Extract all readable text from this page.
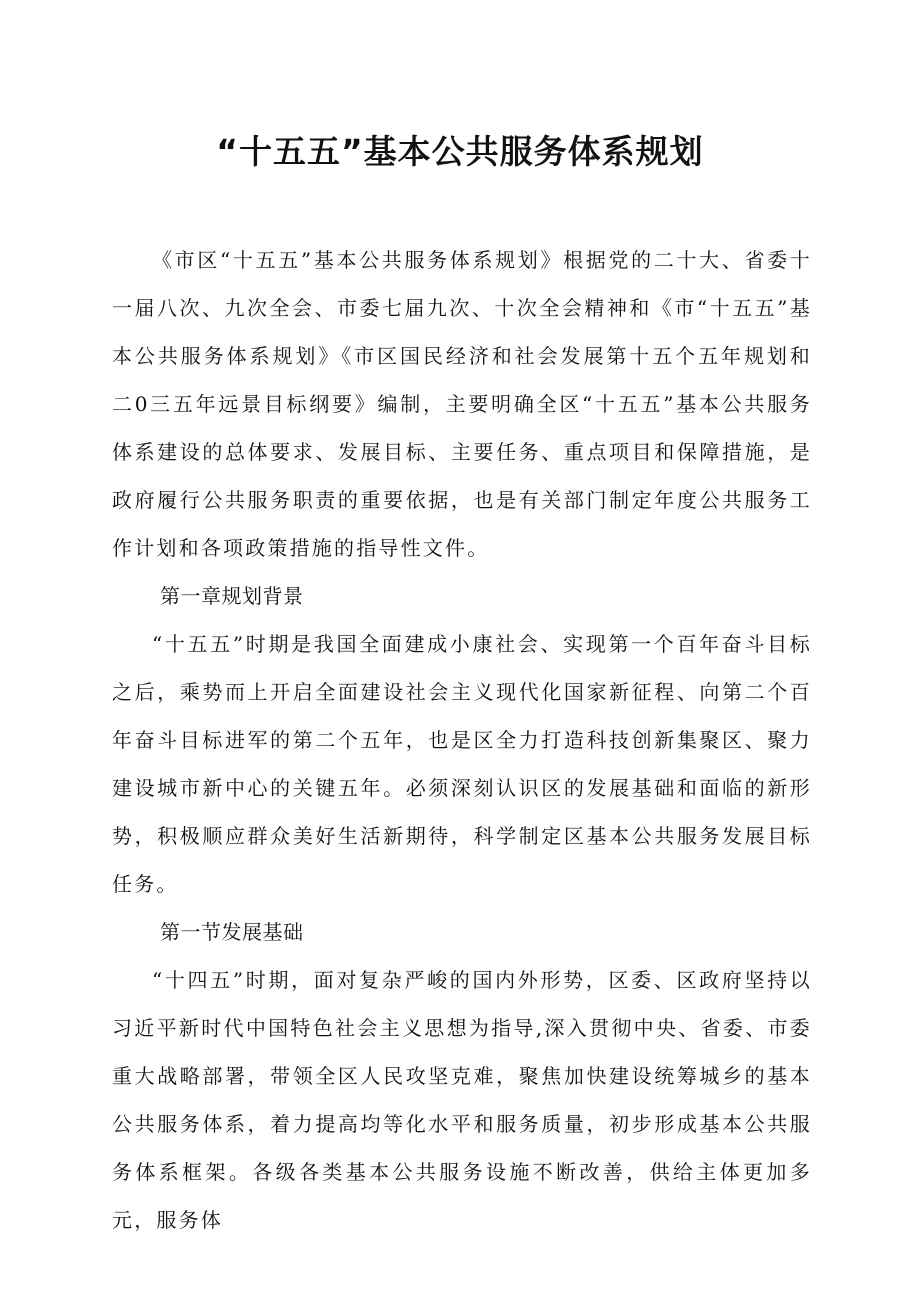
“十五五”基本公共服务体系规划

《市区“十五五”基本公共服务体系规划》根据党的二十大、省委十一届八次、九次全会、市委七届九次、十次全会精神和《市“十五五”基本公共服务体系规划》《市区国民经济和社会发展第十五个五年规划和二0三五年远景目标纲要》编制，主要明确全区“十五五”基本公共服务体系建设的总体要求、发展目标、主要任务、重点项目和保障措施，是政府履行公共服务职责的重要依据，也是有关部门制定年度公共服务工作计划和各项政策措施的指导性文件。

第一章规划背景

“十五五”时期是我国全面建成小康社会、实现第一个百年奋斗目标之后，乘势而上开启全面建设社会主义现代化国家新征程、向第二个百年奋斗目标进军的第二个五年，也是区全力打造科技创新集聚区、聚力建设城市新中心的关键五年。必须深刻认识区的发展基础和面临的新形势，积极顺应群众美好生活新期待，科学制定区基本公共服务发展目标任务。

第一节发展基础

“十四五”时期，面对复杂严峻的国内外形势，区委、区政府坚持以习近平新时代中国特色社会主义思想为指导,深入贯彻中央、省委、市委重大战略部署，带领全区人民攻坚克难，聚焦加快建设统筹城乡的基本公共服务体系，着力提高均等化水平和服务质量，初步形成基本公共服务体系框架。各级各类基本公共服务设施不断改善，供给主体更加多元，服务体
